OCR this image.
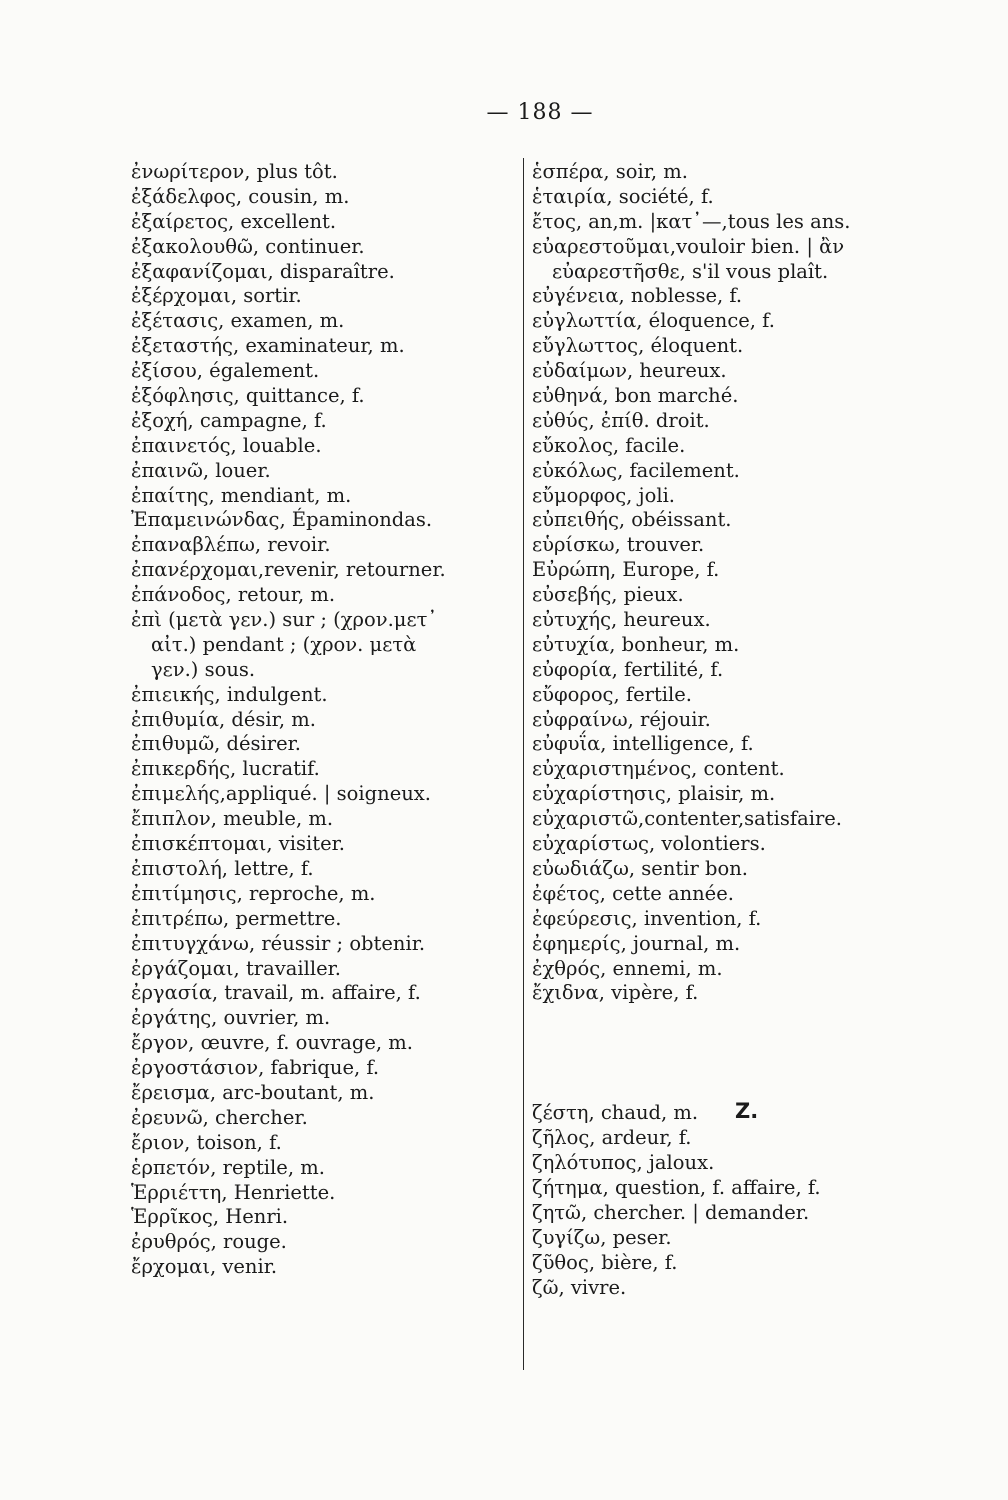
— 188 —
ἐνωρίτερον, plus tôt.
ἐξάδελφος, cousin, m.
ἐξαίρετος, excellent.
ἐξακολουθῶ, continuer.
ἐξαφανίζομαι, disparaître.
ἐξέρχομαι, sortir.
ἐξέτασις, examen, m.
ἐξεταστής, examinateur, m.
ἐξίσου, également.
ἐξόφλησις, quittance, f.
ἐξοχή, campagne, f.
ἐπαινετός, louable.
ἐπαινῶ, louer.
ἐπαίτης, mendiant, m.
Ἐπαμεινώνδας, Épaminondas.
ἐπαναβλέπω, revoir.
ἐπανέρχομαι,revenir, retourner.
ἐπάνοδος, retour, m.
ἐπὶ (μετὰ γεν.) sur ; (χρον.μετ᾽
αἰτ.) pendant ; (χρον. μετὰ
γεν.) sous.
ἐπιεικής, indulgent.
ἐπιθυμία, désir, m.
ἐπιθυμῶ, désirer.
ἐπικερδής, lucratif.
ἐπιμελής,appliqué. | soigneux.
ἔπιπλον, meuble, m.
ἐπισκέπτομαι, visiter.
ἐπιστολή, lettre, f.
ἐπιτίμησις, reproche, m.
ἐπιτρέπω, permettre.
ἐπιτυγχάνω, réussir ; obtenir.
ἐργάζομαι, travailler.
ἐργασία, travail, m. affaire, f.
ἐργάτης, ouvrier, m.
ἔργον, œuvre, f. ouvrage, m.
ἐργοστάσιον, fabrique, f.
ἔρεισμα, arc-boutant, m.
ἐρευνῶ, chercher.
ἔριον, toison, f.
ἑρπετόν, reptile, m.
Ἑρριέττη, Henriette.
Ἑρρῖκος, Henri.
ἐρυθρός, rouge.
ἔρχομαι, venir.
ἑσπέρα, soir, m.
ἑταιρία, société, f.
ἔτος, an,m. |κατ᾽—,tous les ans.
εὐαρεστοῦμαι,vouloir bien. | ἂν
εὐαρεστῆσθε, s'il vous plaît.
εὐγένεια, noblesse, f.
εὐγλωττία, éloquence, f.
εὔγλωττος, éloquent.
εὐδαίμων, heureux.
εὐθηνά, bon marché.
εὐθύς, ἐπίθ. droit.
εὔκολος, facile.
εὐκόλως, facilement.
εὔμορφος, joli.
εὐπειθής, obéissant.
εὑρίσκω, trouver.
Εὐρώπη, Europe, f.
εὐσεβής, pieux.
εὐτυχής, heureux.
εὐτυχία, bonheur, m.
εὐφορία, fertilité, f.
εὔφορος, fertile.
εὐφραίνω, réjouir.
εὐφυΐα, intelligence, f.
εὐχαριστημένος, content.
εὐχαρίστησις, plaisir, m.
εὐχαριστῶ,contenter,satisfaire.
εὐχαρίστως, volontiers.
εὐωδιάζω, sentir bon.
ἐφέτος, cette année.
ἐφεύρεσις, invention, f.
ἐφημερίς, journal, m.
ἐχθρός, ennemi, m.
ἔχιδνα, vipère, f.
ζέστη, chaud, m.
ζῆλος, ardeur, f.
ζηλότυπος, jaloux.
ζήτημα, question, f. affaire, f.
ζητῶ, chercher. | demander.
ζυγίζω, peser.
ζῦθος, bière, f.
ζῶ, vivre.
Z.
